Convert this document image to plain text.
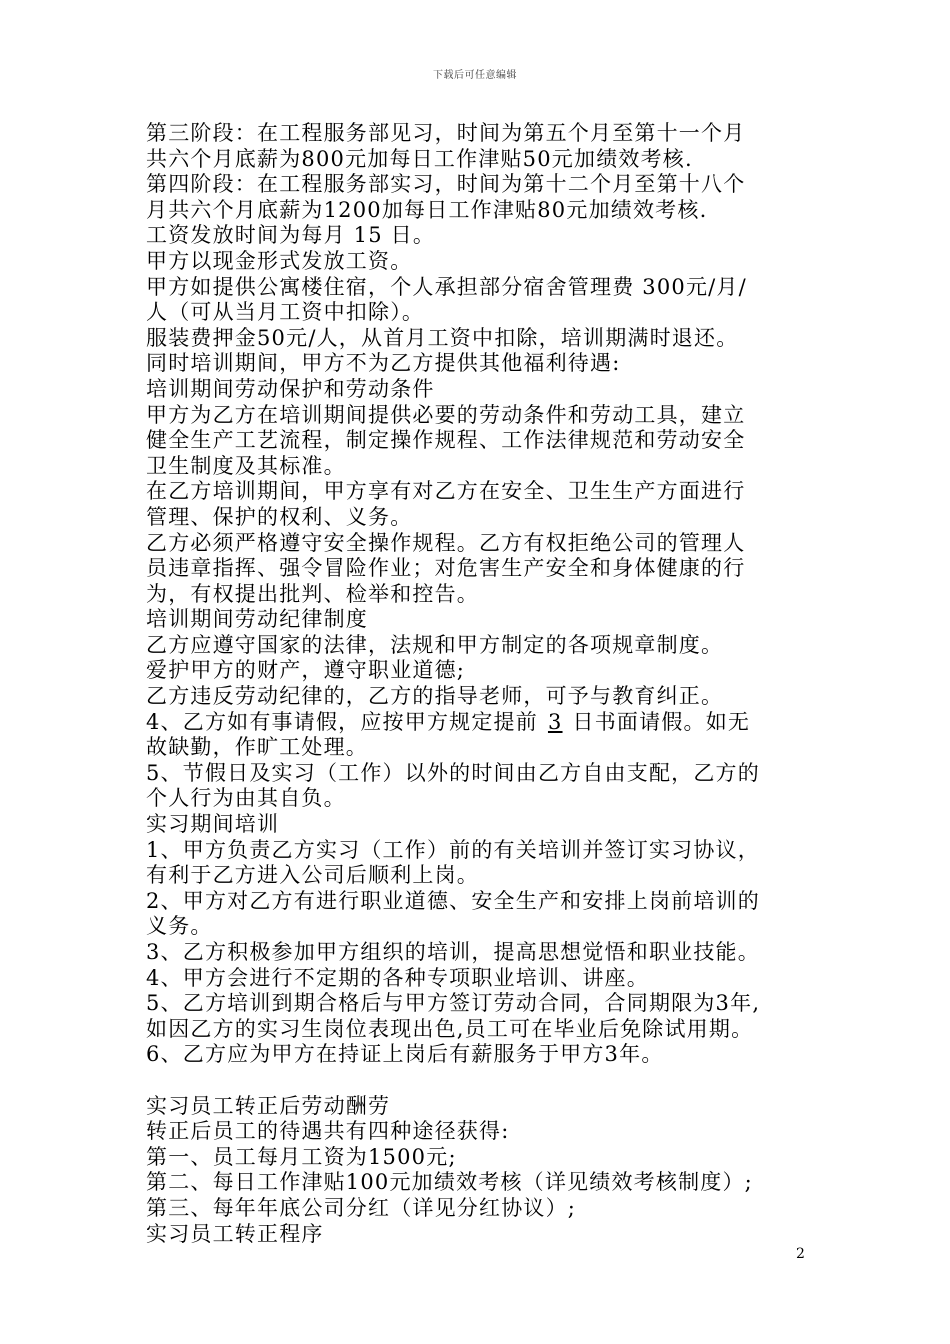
下载后可任意编辑
第三阶段：在工程服务部见习，时间为第五个月至第十一个月
共六个月底薪为800元加每日工作津贴50元加绩效考核.
第四阶段：在工程服务部实习，时间为第十二个月至第十八个
月共六个月底薪为1200加每日工作津贴80元加绩效考核.
工资发放时间为每月 15 日。
甲方以现金形式发放工资。
甲方如提供公寓楼住宿，个人承担部分宿舍管理费 300元/月/
人（可从当月工资中扣除）。
服装费押金50元/人，从首月工资中扣除，培训期满时退还。
同时培训期间，甲方不为乙方提供其他福利待遇:
培训期间劳动保护和劳动条件
甲方为乙方在培训期间提供必要的劳动条件和劳动工具，建立
健全生产工艺流程，制定操作规程、工作法律规范和劳动安全
卫生制度及其标准。
在乙方培训期间，甲方享有对乙方在安全、卫生生产方面进行
管理、保护的权利、义务。
乙方必须严格遵守安全操作规程。乙方有权拒绝公司的管理人
员违章指挥、强令冒险作业；对危害生产安全和身体健康的行
为，有权提出批判、检举和控告。
培训期间劳动纪律制度
乙方应遵守国家的法律，法规和甲方制定的各项规章制度。
爱护甲方的财产，遵守职业道德;
乙方违反劳动纪律的，乙方的指导老师，可予与教育纠正。
4、乙方如有事请假，应按甲方规定提前 3 日书面请假。如无
故缺勤，作旷工处理。
5、节假日及实习（工作）以外的时间由乙方自由支配，乙方的
个人行为由其自负。
实习期间培训
1、甲方负责乙方实习（工作）前的有关培训并签订实习协议，
有利于乙方进入公司后顺利上岗。
2、甲方对乙方有进行职业道德、安全生产和安排上岗前培训的
义务。
3、乙方积极参加甲方组织的培训，提高思想觉悟和职业技能。
4、甲方会进行不定期的各种专项职业培训、讲座。
5、乙方培训到期合格后与甲方签订劳动合同，合同期限为3年,
如因乙方的实习生岗位表现出色,员工可在毕业后免除试用期。
6、乙方应为甲方在持证上岗后有薪服务于甲方3年。
实习员工转正后劳动酬劳
转正后员工的待遇共有四种途径获得:
第一、员工每月工资为1500元;
第二、每日工作津贴100元加绩效考核（详见绩效考核制度）;
第三、每年年底公司分红（详见分红协议）;
实习员工转正程序
2
